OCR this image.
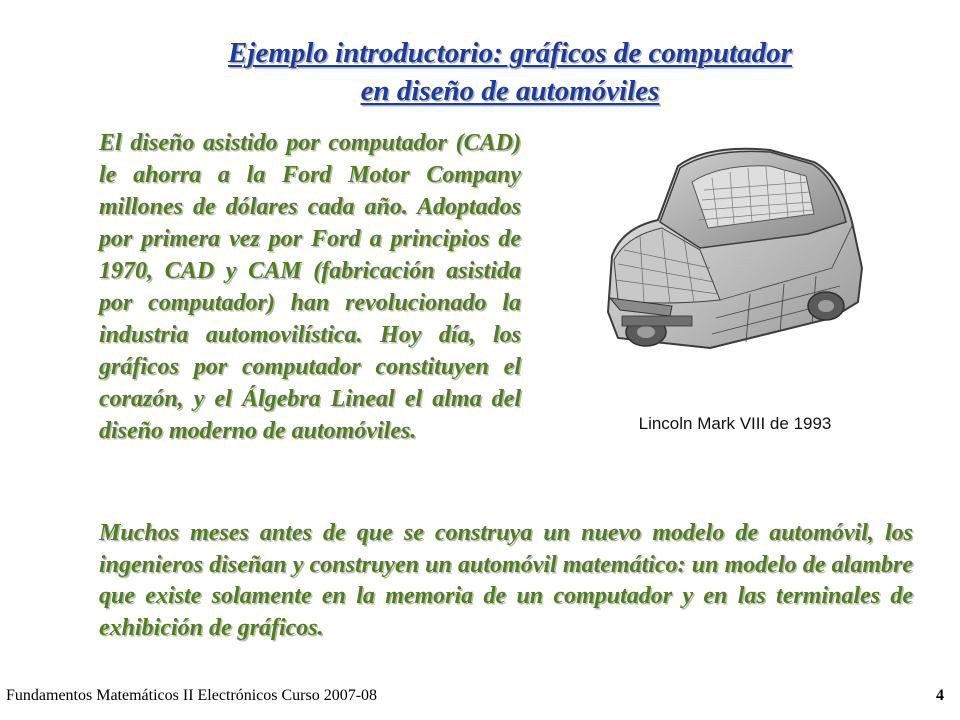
Ejemplo introductorio: gráficos de computador
en diseño de automóviles

El diseño asistido por computador (CAD) le ahorra a la Ford Motor Company millones de dólares cada año. Adoptados por primera vez por Ford a principios de 1970, CAD y CAM (fabricación asistida por computador) han revolucionado la industria automovilística. Hoy día, los gráficos por computador constituyen el corazón, y el Álgebra Lineal el alma del diseño moderno de automóviles.	Lincoln Mark VIII de 1993

Muchos meses antes de que se construya un nuevo modelo de automóvil, los ingenieros diseñan y construyen un automóvil matemático: un modelo de alambre que existe solamente en la memoria de un computador y en las terminales de exhibición de gráficos.

Fundamentos Matemáticos II Electrónicos Curso 2007-08	4
